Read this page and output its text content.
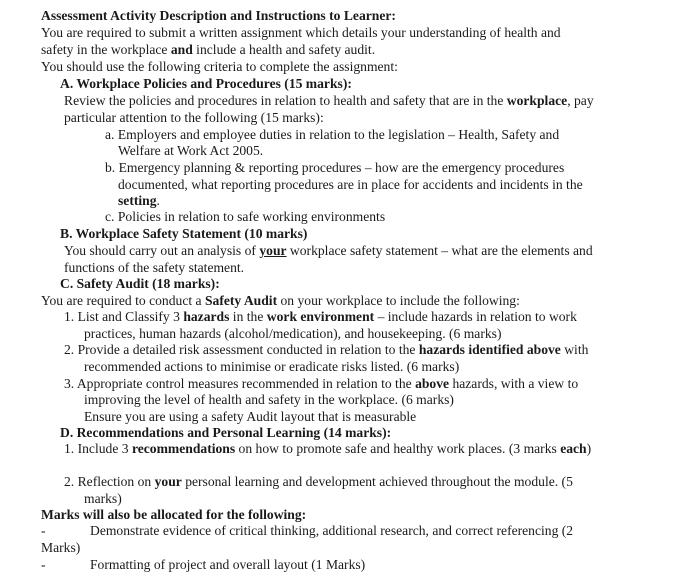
Assessment Activity Description and Instructions to Learner:
You are required to submit a written assignment which details your understanding of health and
safety in the workplace and include a health and safety audit.
You should use the following criteria to complete the assignment:
A. Workplace Policies and Procedures (15 marks):
Review the policies and procedures in relation to health and safety that are in the workplace, pay
particular attention to the following (15 marks):
a. Employers and employee duties in relation to the legislation – Health, Safety and
Welfare at Work Act 2005.
b. Emergency planning & reporting procedures – how are the emergency procedures
documented, what reporting procedures are in place for accidents and incidents in the
setting.
c. Policies in relation to safe working environments
B. Workplace Safety Statement (10 marks)
You should carry out an analysis of your workplace safety statement – what are the elements and
functions of the safety statement.
C. Safety Audit (18 marks):
You are required to conduct a Safety Audit on your workplace to include the following:
1. List and Classify 3 hazards in the work environment – include hazards in relation to work
practices, human hazards (alcohol/medication), and housekeeping. (6 marks)
2. Provide a detailed risk assessment conducted in relation to the hazards identified above with
recommended actions to minimise or eradicate risks listed. (6 marks)
3. Appropriate control measures recommended in relation to the above hazards, with a view to
improving the level of health and safety in the workplace. (6 marks)
Ensure you are using a safety Audit layout that is measurable
D. Recommendations and Personal Learning (14 marks):
1. Include 3 recommendations on how to promote safe and healthy work places. (3 marks each)
2. Reflection on your personal learning and development achieved throughout the module. (5
marks)
Marks will also be allocated for the following:
-	Demonstrate evidence of critical thinking, additional research, and correct referencing (2
Marks)
-	Formatting of project and overall layout (1 Marks)
